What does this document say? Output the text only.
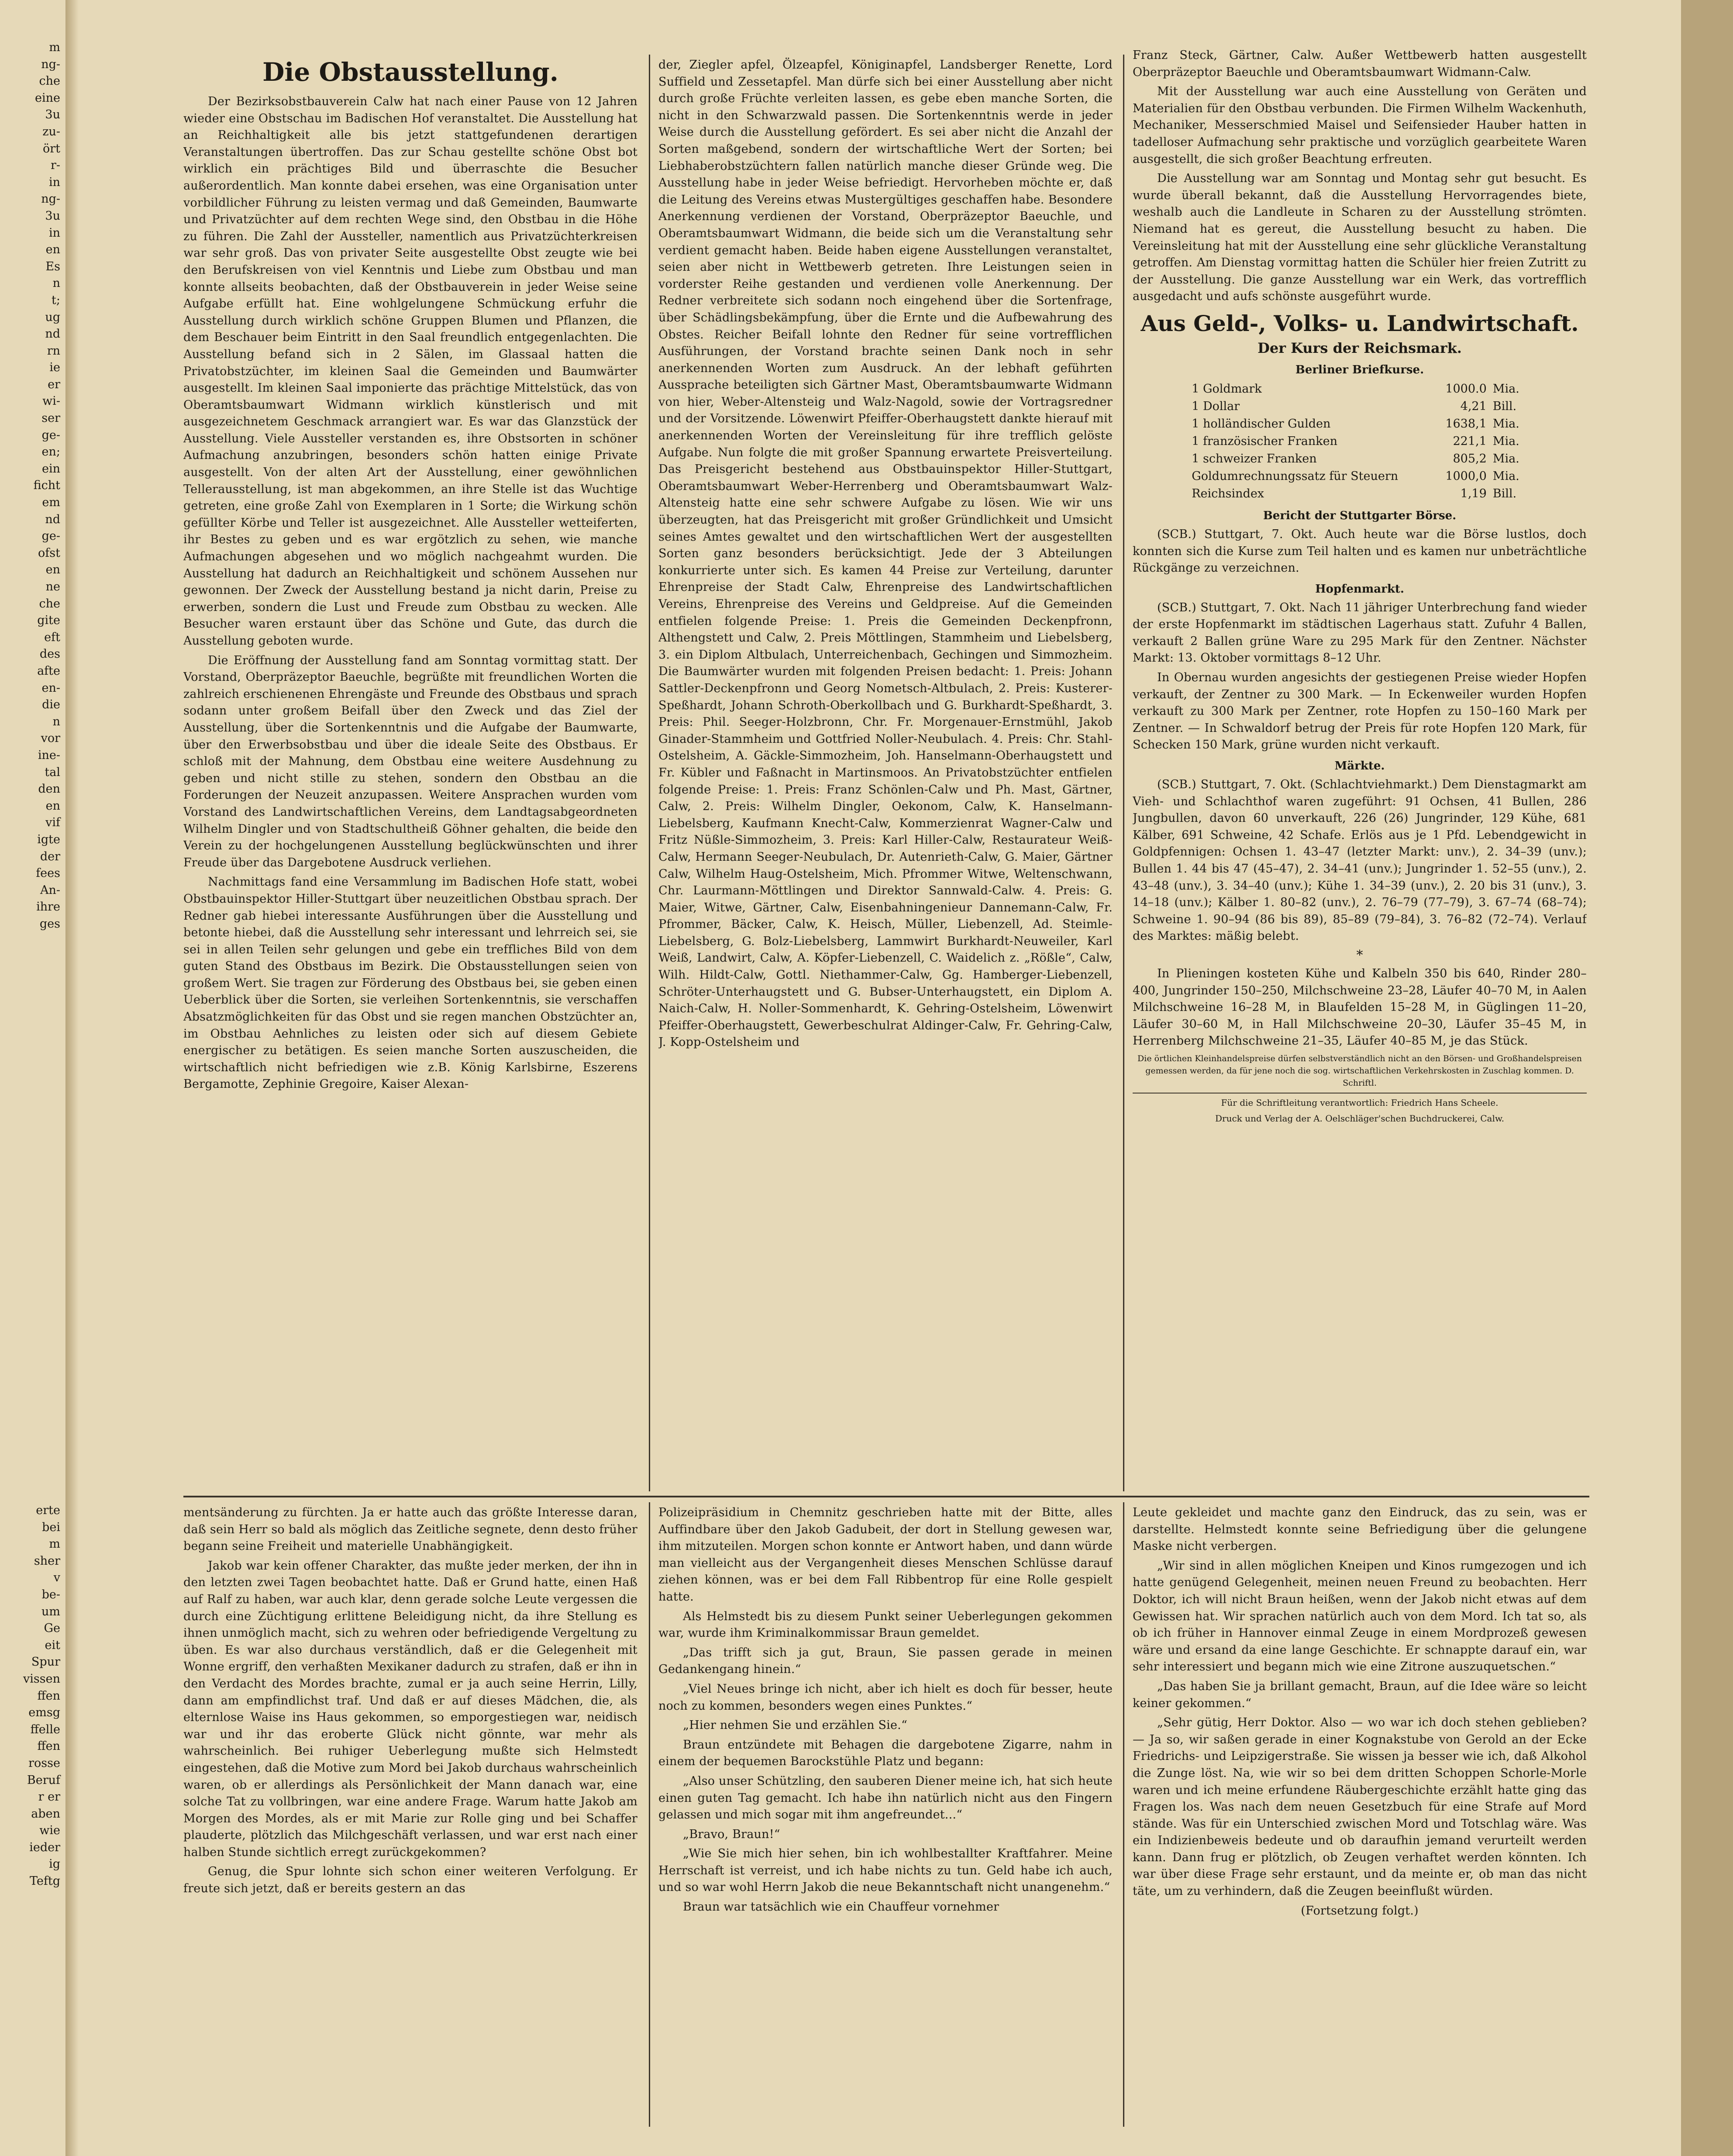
m
ng-
che
eine
3u
zu-
ört
r-
in
ng-
3u
in
en
Es
n
t;
ug
nd
rn
ie
er
wi-
ser
ge-
en;
ein
ficht
em
nd
ge-
ofst
en
ne
che
gite
eft
des
afte
en-
die
n
vor
ine-
tal
den
en
vif
igte
der
fees
An-
ihre
ges
erte
bei
m
sher
v
be-
um
Ge
eit
Spur
vissen
ffen
emsg
ffelle
ffen
rosse
Beruf
r er
aben
wie
ieder
ig
Teftg
Die Obstausstellung.

Der Bezirksobstbauverein Calw hat nach einer Pause von 12 Jahren wieder eine Obstschau im Badischen Hof veranstaltet. Die Ausstellung hat an Reichhaltigkeit alle bis jetzt stattgefundenen derartigen Veranstaltungen übertroffen. Das zur Schau gestellte schöne Obst bot wirklich ein prächtiges Bild und überraschte die Besucher außerordentlich. Man konnte dabei ersehen, was eine Organisation unter vorbildlicher Führung zu leisten vermag und daß Gemeinden, Baumwarte und Privatzüchter auf dem rechten Wege sind, den Obstbau in die Höhe zu führen. Die Zahl der Aussteller, namentlich aus Privatzüchterkreisen war sehr groß. Das von privater Seite ausgestellte Obst zeugte wie bei den Berufskreisen von viel Kenntnis und Liebe zum Obstbau und man konnte allseits beobachten, daß der Obstbauverein in jeder Weise seine Aufgabe erfüllt hat. Eine wohlgelungene Schmückung erfuhr die Ausstellung durch wirklich schöne Gruppen Blumen und Pflanzen, die dem Beschauer beim Eintritt in den Saal freundlich entgegenlachten. Die Ausstellung befand sich in 2 Sälen, im Glassaal hatten die Privatobstzüchter, im kleinen Saal die Gemeinden und Baumwärter ausgestellt. Im kleinen Saal imponierte das prächtige Mittelstück, das von Oberamtsbaumwart Widmann wirklich künstlerisch und mit ausgezeichnetem Geschmack arrangiert war. Es war das Glanzstück der Ausstellung. Viele Aussteller verstanden es, ihre Obstsorten in schöner Aufmachung anzubringen, besonders schön hatten einige Private ausgestellt. Von der alten Art der Ausstellung, einer gewöhnlichen Tellerausstellung, ist man abgekommen, an ihre Stelle ist das Wuchtige getreten, eine große Zahl von Exemplaren in 1 Sorte; die Wirkung schön gefüllter Körbe und Teller ist ausgezeichnet. Alle Aussteller wetteiferten, ihr Bestes zu geben und es war ergötzlich zu sehen, wie manche Aufmachungen abgesehen und wo möglich nachgeahmt wurden. Die Ausstellung hat dadurch an Reichhaltigkeit und schönem Aussehen nur gewonnen. Der Zweck der Ausstellung bestand ja nicht darin, Preise zu erwerben, sondern die Lust und Freude zum Obstbau zu wecken. Alle Besucher waren erstaunt über das Schöne und Gute, das durch die Ausstellung geboten wurde.

Die Eröffnung der Ausstellung fand am Sonntag vormittag statt. Der Vorstand, Oberpräzeptor Baeuchle, begrüßte mit freundlichen Worten die zahlreich erschienenen Ehrengäste und Freunde des Obstbaus und sprach sodann unter großem Beifall über den Zweck und das Ziel der Ausstellung, über die Sortenkenntnis und die Aufgabe der Baumwarte, über den Erwerbsobstbau und über die ideale Seite des Obstbaus. Er schloß mit der Mahnung, dem Obstbau eine weitere Ausdehnung zu geben und nicht stille zu stehen, sondern den Obstbau an die Forderungen der Neuzeit anzupassen. Weitere Ansprachen wurden vom Vorstand des Landwirtschaftlichen Vereins, dem Landtagsabgeordneten Wilhelm Dingler und von Stadtschultheiß Göhner gehalten, die beide den Verein zu der hochgelungenen Ausstellung beglückwünschten und ihrer Freude über das Dargebotene Ausdruck verliehen.

Nachmittags fand eine Versammlung im Badischen Hofe statt, wobei Obstbauinspektor Hiller-Stuttgart über neuzeitlichen Obstbau sprach. Der Redner gab hiebei interessante Ausführungen über die Ausstellung und betonte hiebei, daß die Ausstellung sehr interessant und lehrreich sei, sie sei in allen Teilen sehr gelungen und gebe ein treffliches Bild von dem guten Stand des Obstbaus im Bezirk. Die Obstausstellungen seien von großem Wert. Sie tragen zur Förderung des Obstbaus bei, sie geben einen Ueberblick über die Sorten, sie verleihen Sortenkenntnis, sie verschaffen Absatzmöglichkeiten für das Obst und sie regen manchen Obstzüchter an, im Obstbau Aehnliches zu leisten oder sich auf diesem Gebiete energischer zu betätigen. Es seien manche Sorten auszuscheiden, die wirtschaftlich nicht befriedigen wie z.B. König Karlsbirne, Eszerens Bergamotte, Zephinie Gregoire, Kaiser Alexan-

der, Ziegler apfel, Ölzeapfel, Königinapfel, Landsberger Renette, Lord Suffield und Zessetapfel. Man dürfe sich bei einer Ausstellung aber nicht durch große Früchte verleiten lassen, es gebe eben manche Sorten, die nicht in den Schwarzwald passen. Die Sortenkenntnis werde in jeder Weise durch die Ausstellung gefördert. Es sei aber nicht die Anzahl der Sorten maßgebend, sondern der wirtschaftliche Wert der Sorten; bei Liebhaberobstzüchtern fallen natürlich manche dieser Gründe weg. Die Ausstellung habe in jeder Weise befriedigt. Hervorheben möchte er, daß die Leitung des Vereins etwas Mustergültiges geschaffen habe. Besondere Anerkennung verdienen der Vorstand, Oberpräzeptor Baeuchle, und Oberamtsbaumwart Widmann, die beide sich um die Veranstaltung sehr verdient gemacht haben. Beide haben eigene Ausstellungen veranstaltet, seien aber nicht in Wettbewerb getreten. Ihre Leistungen seien in vorderster Reihe gestanden und verdienen volle Anerkennung. Der Redner verbreitete sich sodann noch eingehend über die Sortenfrage, über Schädlingsbekämpfung, über die Ernte und die Aufbewahrung des Obstes. Reicher Beifall lohnte den Redner für seine vortrefflichen Ausführungen, der Vorstand brachte seinen Dank noch in sehr anerkennenden Worten zum Ausdruck. An der lebhaft geführten Aussprache beteiligten sich Gärtner Mast, Oberamtsbaumwarte Widmann von hier, Weber-Altensteig und Walz-Nagold, sowie der Vortragsredner und der Vorsitzende. Löwenwirt Pfeiffer-Oberhaugstett dankte hierauf mit anerkennenden Worten der Vereinsleitung für ihre trefflich gelöste Aufgabe. Nun folgte die mit großer Spannung erwartete Preisverteilung. Das Preisgericht bestehend aus Obstbauinspektor Hiller-Stuttgart, Oberamtsbaumwart Weber-Herrenberg und Oberamtsbaumwart Walz-Altensteig hatte eine sehr schwere Aufgabe zu lösen. Wie wir uns überzeugten, hat das Preisgericht mit großer Gründlichkeit und Umsicht seines Amtes gewaltet und den wirtschaftlichen Wert der ausgestellten Sorten ganz besonders berücksichtigt. Jede der 3 Abteilungen konkurrierte unter sich. Es kamen 44 Preise zur Verteilung, darunter Ehrenpreise der Stadt Calw, Ehrenpreise des Landwirtschaftlichen Vereins, Ehrenpreise des Vereins und Geldpreise. Auf die Gemeinden entfielen folgende Preise: 1. Preis die Gemeinden Deckenpfronn, Althengstett und Calw, 2. Preis Möttlingen, Stammheim und Liebelsberg, 3. ein Diplom Altbulach, Unterreichenbach, Gechingen und Simmozheim. Die Baumwärter wurden mit folgenden Preisen bedacht: 1. Preis: Johann Sattler-Deckenpfronn und Georg Nometsch-Altbulach, 2. Preis: Kusterer-Speßhardt, Johann Schroth-Oberkollbach und G. Burkhardt-Speßhardt, 3. Preis: Phil. Seeger-Holzbronn, Chr. Fr. Morgenauer-Ernstmühl, Jakob Ginader-Stammheim und Gottfried Noller-Neubulach. 4. Preis: Chr. Stahl-Ostelsheim, A. Gäckle-Simmozheim, Joh. Hanselmann-Oberhaugstett und Fr. Kübler und Faßnacht in Martinsmoos. An Privatobstzüchter entfielen folgende Preise: 1. Preis: Franz Schönlen-Calw und Ph. Mast, Gärtner, Calw, 2. Preis: Wilhelm Dingler, Oekonom, Calw, K. Hanselmann-Liebelsberg, Kaufmann Knecht-Calw, Kommerzienrat Wagner-Calw und Fritz Nüßle-Simmozheim, 3. Preis: Karl Hiller-Calw, Restaurateur Weiß-Calw, Hermann Seeger-Neubulach, Dr. Autenrieth-Calw, G. Maier, Gärtner Calw, Wilhelm Haug-Ostelsheim, Mich. Pfrommer Witwe, Weltenschwann, Chr. Laurmann-Möttlingen und Direktor Sannwald-Calw. 4. Preis: G. Maier, Witwe, Gärtner, Calw, Eisenbahningenieur Dannemann-Calw, Fr. Pfrommer, Bäcker, Calw, K. Heisch, Müller, Liebenzell, Ad. Steimle-Liebelsberg, G. Bolz-Liebelsberg, Lammwirt Burkhardt-Neuweiler, Karl Weiß, Landwirt, Calw, A. Köpfer-Liebenzell, C. Waidelich z. „Rößle“, Calw, Wilh. Hildt-Calw, Gottl. Niethammer-Calw, Gg. Hamberger-Liebenzell, Schröter-Unterhaugstett und G. Bubser-Unterhaugstett, ein Diplom A. Naich-Calw, H. Noller-Sommenhardt, K. Gehring-Ostelsheim, Löwenwirt Pfeiffer-Oberhaugstett, Gewerbeschulrat Aldinger-Calw, Fr. Gehring-Calw, J. Kopp-Ostelsheim und

Franz Steck, Gärtner, Calw. Außer Wettbewerb hatten ausgestellt Oberpräzeptor Baeuchle und Oberamtsbaumwart Widmann-Calw.

Mit der Ausstellung war auch eine Ausstellung von Geräten und Materialien für den Obstbau verbunden. Die Firmen Wilhelm Wackenhuth, Mechaniker, Messerschmied Maisel und Seifensieder Hauber hatten in tadelloser Aufmachung sehr praktische und vorzüglich gearbeitete Waren ausgestellt, die sich großer Beachtung erfreuten.

Die Ausstellung war am Sonntag und Montag sehr gut besucht. Es wurde überall bekannt, daß die Ausstellung Hervorragendes biete, weshalb auch die Landleute in Scharen zu der Ausstellung strömten. Niemand hat es gereut, die Ausstellung besucht zu haben. Die Vereinsleitung hat mit der Ausstellung eine sehr glückliche Veranstaltung getroffen. Am Dienstag vormittag hatten die Schüler hier freien Zutritt zu der Ausstellung. Die ganze Ausstellung war ein Werk, das vortrefflich ausgedacht und aufs schönste ausgeführt wurde.

Aus Geld-, Volks- u. Landwirtschaft.
Der Kurs der Reichsmark.
Berliner Briefkurse.
1 Goldmark	1000.0	Mia.
1 Dollar	4,21	Bill.
1 holländischer Gulden	1638,1	Mia.
1 französischer Franken	221,1	Mia.
1 schweizer Franken	805,2	Mia.
Goldumrechnungssatz für Steuern	1000,0	Mia.
Reichsindex	1,19	Bill.
Bericht der Stuttgarter Börse.

(SCB.) Stuttgart, 7. Okt. Auch heute war die Börse lustlos, doch konnten sich die Kurse zum Teil halten und es kamen nur unbeträchtliche Rückgänge zu verzeichnen.

Hopfenmarkt.

(SCB.) Stuttgart, 7. Okt. Nach 11 jähriger Unterbrechung fand wieder der erste Hopfenmarkt im städtischen Lagerhaus statt. Zufuhr 4 Ballen, verkauft 2 Ballen grüne Ware zu 295 Mark für den Zentner. Nächster Markt: 13. Oktober vormittags 8–12 Uhr.

In Obernau wurden angesichts der gestiegenen Preise wieder Hopfen verkauft, der Zentner zu 300 Mark. — In Eckenweiler wurden Hopfen verkauft zu 300 Mark per Zentner, rote Hopfen zu 150–160 Mark per Zentner. — In Schwaldorf betrug der Preis für rote Hopfen 120 Mark, für Schecken 150 Mark, grüne wurden nicht verkauft.

Märkte.

(SCB.) Stuttgart, 7. Okt. (Schlachtviehmarkt.) Dem Dienstagmarkt am Vieh- und Schlachthof waren zugeführt: 91 Ochsen, 41 Bullen, 286 Jungbullen, davon 60 unverkauft, 226 (26) Jungrinder, 129 Kühe, 681 Kälber, 691 Schweine, 42 Schafe. Erlös aus je 1 Pfd. Lebendgewicht in Goldpfennigen: Ochsen 1. 43–47 (letzter Markt: unv.), 2. 34–39 (unv.); Bullen 1. 44 bis 47 (45–47), 2. 34–41 (unv.); Jungrinder 1. 52–55 (unv.), 2. 43–48 (unv.), 3. 34–40 (unv.); Kühe 1. 34–39 (unv.), 2. 20 bis 31 (unv.), 3. 14–18 (unv.); Kälber 1. 80–82 (unv.), 2. 76–79 (77–79), 3. 67–74 (68–74); Schweine 1. 90–94 (86 bis 89), 85–89 (79–84), 3. 76–82 (72–74). Verlauf des Marktes: mäßig belebt.

*

In Plieningen kosteten Kühe und Kalbeln 350 bis 640, Rinder 280–400, Jungrinder 150–250, Milchschweine 23–28, Läufer 40–70 M, in Aalen Milchschweine 16–28 M, in Blaufelden 15–28 M, in Güglingen 11–20, Läufer 30–60 M, in Hall Milchschweine 20–30, Läufer 35–45 M, in Herrenberg Milchschweine 21–35, Läufer 40–85 M, je das Stück.

Die örtlichen Kleinhandelspreise dürfen selbstverständlich nicht an den Börsen- und Großhandelspreisen gemessen werden, da für jene noch die sog. wirtschaftlichen Verkehrskosten in Zuschlag kommen. D. Schriftl.
Für die Schriftleitung verantwortlich: Friedrich Hans Scheele.
Druck und Verlag der A. Oelschläger'schen Buchdruckerei, Calw.

mentsänderung zu fürchten. Ja er hatte auch das größte Interesse daran, daß sein Herr so bald als möglich das Zeitliche segnete, denn desto früher begann seine Freiheit und materielle Unabhängigkeit.

Jakob war kein offener Charakter, das mußte jeder merken, der ihn in den letzten zwei Tagen beobachtet hatte. Daß er Grund hatte, einen Haß auf Ralf zu haben, war auch klar, denn gerade solche Leute vergessen die durch eine Züchtigung erlittene Beleidigung nicht, da ihre Stellung es ihnen unmöglich macht, sich zu wehren oder befriedigende Vergeltung zu üben. Es war also durchaus verständlich, daß er die Gelegenheit mit Wonne ergriff, den verhaßten Mexikaner dadurch zu strafen, daß er ihn in den Verdacht des Mordes brachte, zumal er ja auch seine Herrin, Lilly, dann am empfindlichst traf. Und daß er auf dieses Mädchen, die, als elternlose Waise ins Haus gekommen, so emporgestiegen war, neidisch war und ihr das eroberte Glück nicht gönnte, war mehr als wahrscheinlich. Bei ruhiger Ueberlegung mußte sich Helmstedt eingestehen, daß die Motive zum Mord bei Jakob durchaus wahrscheinlich waren, ob er allerdings als Persönlichkeit der Mann danach war, eine solche Tat zu vollbringen, war eine andere Frage. Warum hatte Jakob am Morgen des Mordes, als er mit Marie zur Rolle ging und bei Schaffer plauderte, plötzlich das Milchgeschäft verlassen, und war erst nach einer halben Stunde sichtlich erregt zurückgekommen?

Genug, die Spur lohnte sich schon einer weiteren Verfolgung. Er freute sich jetzt, daß er bereits gestern an das

Polizeipräsidium in Chemnitz geschrieben hatte mit der Bitte, alles Auffindbare über den Jakob Gadubeit, der dort in Stellung gewesen war, ihm mitzuteilen. Morgen schon konnte er Antwort haben, und dann würde man vielleicht aus der Vergangenheit dieses Menschen Schlüsse darauf ziehen können, was er bei dem Fall Ribbentrop für eine Rolle gespielt hatte.

Als Helmstedt bis zu diesem Punkt seiner Ueberlegungen gekommen war, wurde ihm Kriminalkommissar Braun gemeldet.

„Das trifft sich ja gut, Braun, Sie passen gerade in meinen Gedankengang hinein.“

„Viel Neues bringe ich nicht, aber ich hielt es doch für besser, heute noch zu kommen, besonders wegen eines Punktes.“

„Hier nehmen Sie und erzählen Sie.“

Braun entzündete mit Behagen die dargebotene Zigarre, nahm in einem der bequemen Barockstühle Platz und begann:

„Also unser Schützling, den sauberen Diener meine ich, hat sich heute einen guten Tag gemacht. Ich habe ihn natürlich nicht aus den Fingern gelassen und mich sogar mit ihm angefreundet...“

„Bravo, Braun!“

„Wie Sie mich hier sehen, bin ich wohlbestallter Kraftfahrer. Meine Herrschaft ist verreist, und ich habe nichts zu tun. Geld habe ich auch, und so war wohl Herrn Jakob die neue Bekanntschaft nicht unangenehm.“

Braun war tatsächlich wie ein Chauffeur vornehmer

Leute gekleidet und machte ganz den Eindruck, das zu sein, was er darstellte. Helmstedt konnte seine Befriedigung über die gelungene Maske nicht verbergen.

„Wir sind in allen möglichen Kneipen und Kinos rumgezogen und ich hatte genügend Gelegenheit, meinen neuen Freund zu beobachten. Herr Doktor, ich will nicht Braun heißen, wenn der Jakob nicht etwas auf dem Gewissen hat. Wir sprachen natürlich auch von dem Mord. Ich tat so, als ob ich früher in Hannover einmal Zeuge in einem Mordprozeß gewesen wäre und ersand da eine lange Geschichte. Er schnappte darauf ein, war sehr interessiert und begann mich wie eine Zitrone auszuquetschen.“

„Das haben Sie ja brillant gemacht, Braun, auf die Idee wäre so leicht keiner gekommen.“

„Sehr gütig, Herr Doktor. Also — wo war ich doch stehen geblieben? — Ja so, wir saßen gerade in einer Kognakstube von Gerold an der Ecke Friedrichs- und Leipzigerstraße. Sie wissen ja besser wie ich, daß Alkohol die Zunge löst. Na, wie wir so bei dem dritten Schoppen Schorle-Morle waren und ich meine erfundene Räubergeschichte erzählt hatte ging das Fragen los. Was nach dem neuen Gesetzbuch für eine Strafe auf Mord stände. Was für ein Unterschied zwischen Mord und Totschlag wäre. Was ein Indizienbeweis bedeute und ob daraufhin jemand verurteilt werden kann. Dann frug er plötzlich, ob Zeugen verhaftet werden könnten. Ich war über diese Frage sehr erstaunt, und da meinte er, ob man das nicht täte, um zu verhindern, daß die Zeugen beeinflußt würden.

(Fortsetzung folgt.)
